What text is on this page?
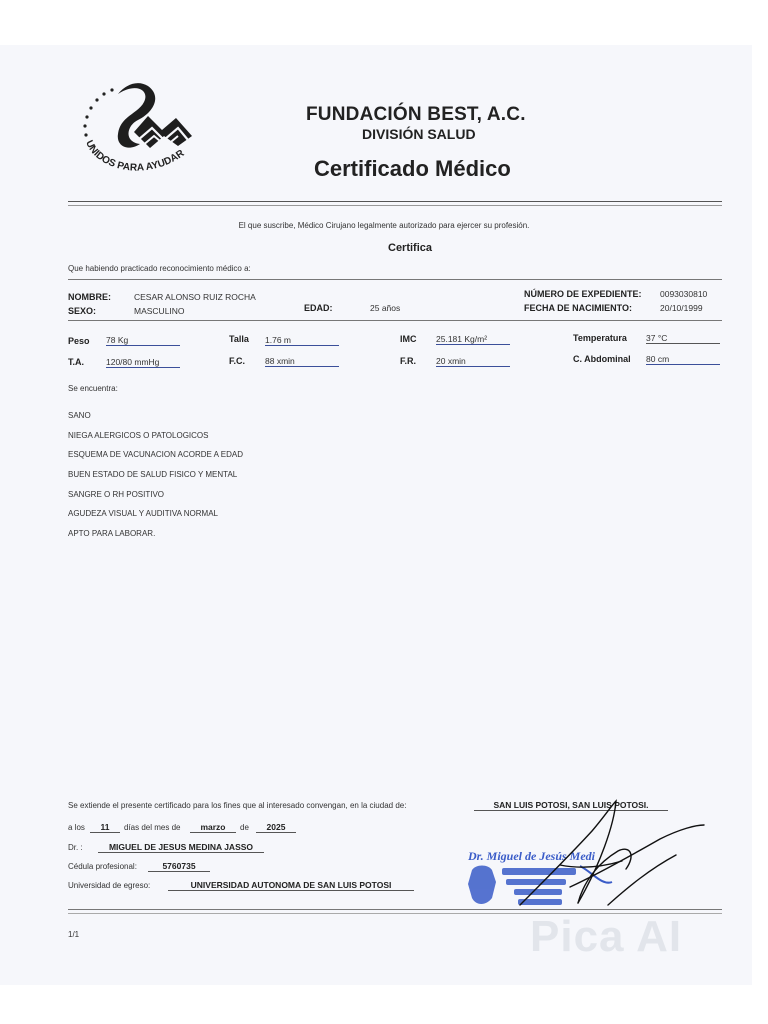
UNIDOS PARA AYUDAR
FUNDACIÓN BEST, A.C.
DIVISIÓN SALUD
Certificado Médico
El que suscribe, Médico Cirujano legalmente autorizado para ejercer su profesión.
Certifica
Que habiendo practicado reconocimiento médico a:
NOMBRE:	CESAR ALONSO RUIZ ROCHA
SEXO:	MASCULINO	EDAD:	25 años
NÚMERO DE EXPEDIENTE: 0093030810
FECHA DE NACIMIENTO:	20/10/1999
Peso 78 Kg	Talla 1.76 m	IMC 25.181 Kg/m²	Temperatura 37 °C
T.A.	120/80 mmHg	F.C. 88 xmin	F.R. 20 xmin	C. Abdominal 80 cm
Se encuentra:
SANO
NIEGA ALERGICOS O PATOLOGICOS
ESQUEMA DE VACUNACION ACORDE A EDAD
BUEN ESTADO DE SALUD FISICO Y MENTAL
SANGRE O RH POSITIVO
AGUDEZA VISUAL Y AUDITIVA NORMAL
APTO PARA LABORAR.
Se extiende el presente certificado para los fines que al interesado convengan, en la ciudad de:	SAN LUIS POTOSI, SAN LUIS POTOSI.
a los	11	días del mes de	marzo	de	2025
Dr. :	MIGUEL DE JESUS MEDINA JASSO
Cédula profesional:	5760735
Universidad de egreso:	UNIVERSIDAD AUTONOMA DE SAN LUIS POTOSI
Dr. Miguel de Jesús Medi
1/1	Pica AI
